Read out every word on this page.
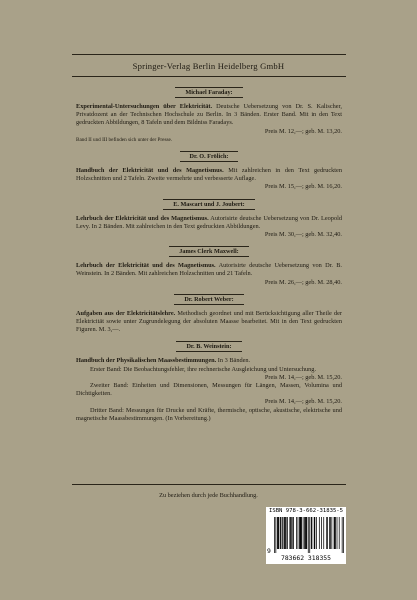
Springer-Verlag Berlin Heidelberg GmbH
Michael Faraday:
Experimental-Untersuchungen über Elektricität. Deutsche Uebersetzung von Dr. S. Kalischer, Privatdozent an der Technischen Hochschule zu Berlin. In 3 Bänden. Erster Band. Mit in den Text gedruckten Abbildungen, 8 Tafeln und dem Bildniss Faradays.
Preis M. 12,—; geb. M. 13,20.
Band II und III befinden sich unter der Presse.
Dr. O. Frölich:
Handbuch der Elektricität und des Magnetismus. Mit zahlreichen in den Text gedruckten Holzschnitten und 2 Tafeln. Zweite vermehrte und verbesserte Auflage.
Preis M. 15,—; geb. M. 16,20.
E. Mascart und J. Joubert:
Lehrbuch der Elektricität und des Magnetismus. Autorisirte deutsche Uebersetzung von Dr. Leopold Levy. In 2 Bänden. Mit zahlreichen in den Text gedruckten Abbildungen.
Preis M. 30,—; geb. M. 32,40.
James Clerk Maxwell:
Lehrbuch der Elektricität und des Magnetismus. Autorisirte deutsche Uebersetzung von Dr. B. Weinstein. In 2 Bänden. Mit zahlreichen Holzschnitten und 21 Tafeln.
Preis M. 26,—; geb. M. 28,40.
Dr. Robert Weber:
Aufgaben aus der Elektricitätslehre. Methodisch geordnet und mit Berücksichtigung aller Theile der Elektricität sowie unter Zugrundelegung der absoluten Maasse bearbeitet. Mit in den Text gedruckten Figuren. M. 3,—.
Dr. B. Weinstein:
Handbuch der Physikalischen Maassbestimmungen. In 3 Bänden.
Erster Band: Die Beobachtungsfehler, ihre rechnerische Ausgleichung und Untersuchung.
Preis M. 14,—; geb. M. 15,20.
Zweiter Band: Einheiten und Dimensionen, Messungen für Längen, Massen, Volumina und Dichtigkeiten.
Preis M. 14,—; geb. M. 15,20.
Dritter Band: Messungen für Drucke und Kräfte, thermische, optische, akustische, elektrische und magnetische Maassbestimmungen. (In Vorbereitung.)
Zu beziehen durch jede Buchhandlung.
ISBN 978-3-662-31835-5
9
783662 318355
